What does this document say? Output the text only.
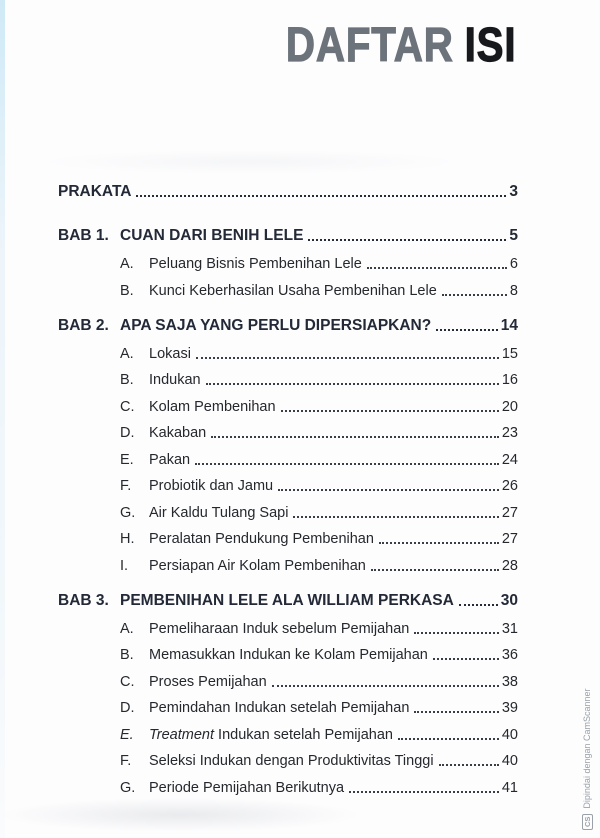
DAFTAR ISI
PRAKATA	3
BAB 1. CUAN DARI BENIH LELE	5
A.	Peluang Bisnis Pembenihan Lele	6
B.	Kunci Keberhasilan Usaha Pembenihan Lele	8
BAB 2. APA SAJA YANG PERLU DIPERSIAPKAN?	14
A.	Lokasi	15
B.	Indukan	16
C.	Kolam Pembenihan	20
D.	Kakaban	23
E.	Pakan	24
F.	Probiotik dan Jamu	26
G. Air Kaldu Tulang Sapi	27
H.	Peralatan Pendukung Pembenihan	27
I.	Persiapan Air Kolam Pembenihan	28
BAB 3. PEMBENIHAN LELE ALA WILLIAM PERKASA	30
A.	Pemeliharaan Induk sebelum Pemijahan	31
B.	Memasukkan Indukan ke Kolam Pemijahan	36
C.	Proses Pemijahan	38
D.	Pemindahan Indukan setelah Pemijahan	39
E.	Treatment Indukan setelah Pemijahan	40
F.	Seleksi Indukan dengan Produktivitas Tinggi	40
G. Periode Pemijahan Berikutnya	41
CS
Dipindai dengan CamScanner
